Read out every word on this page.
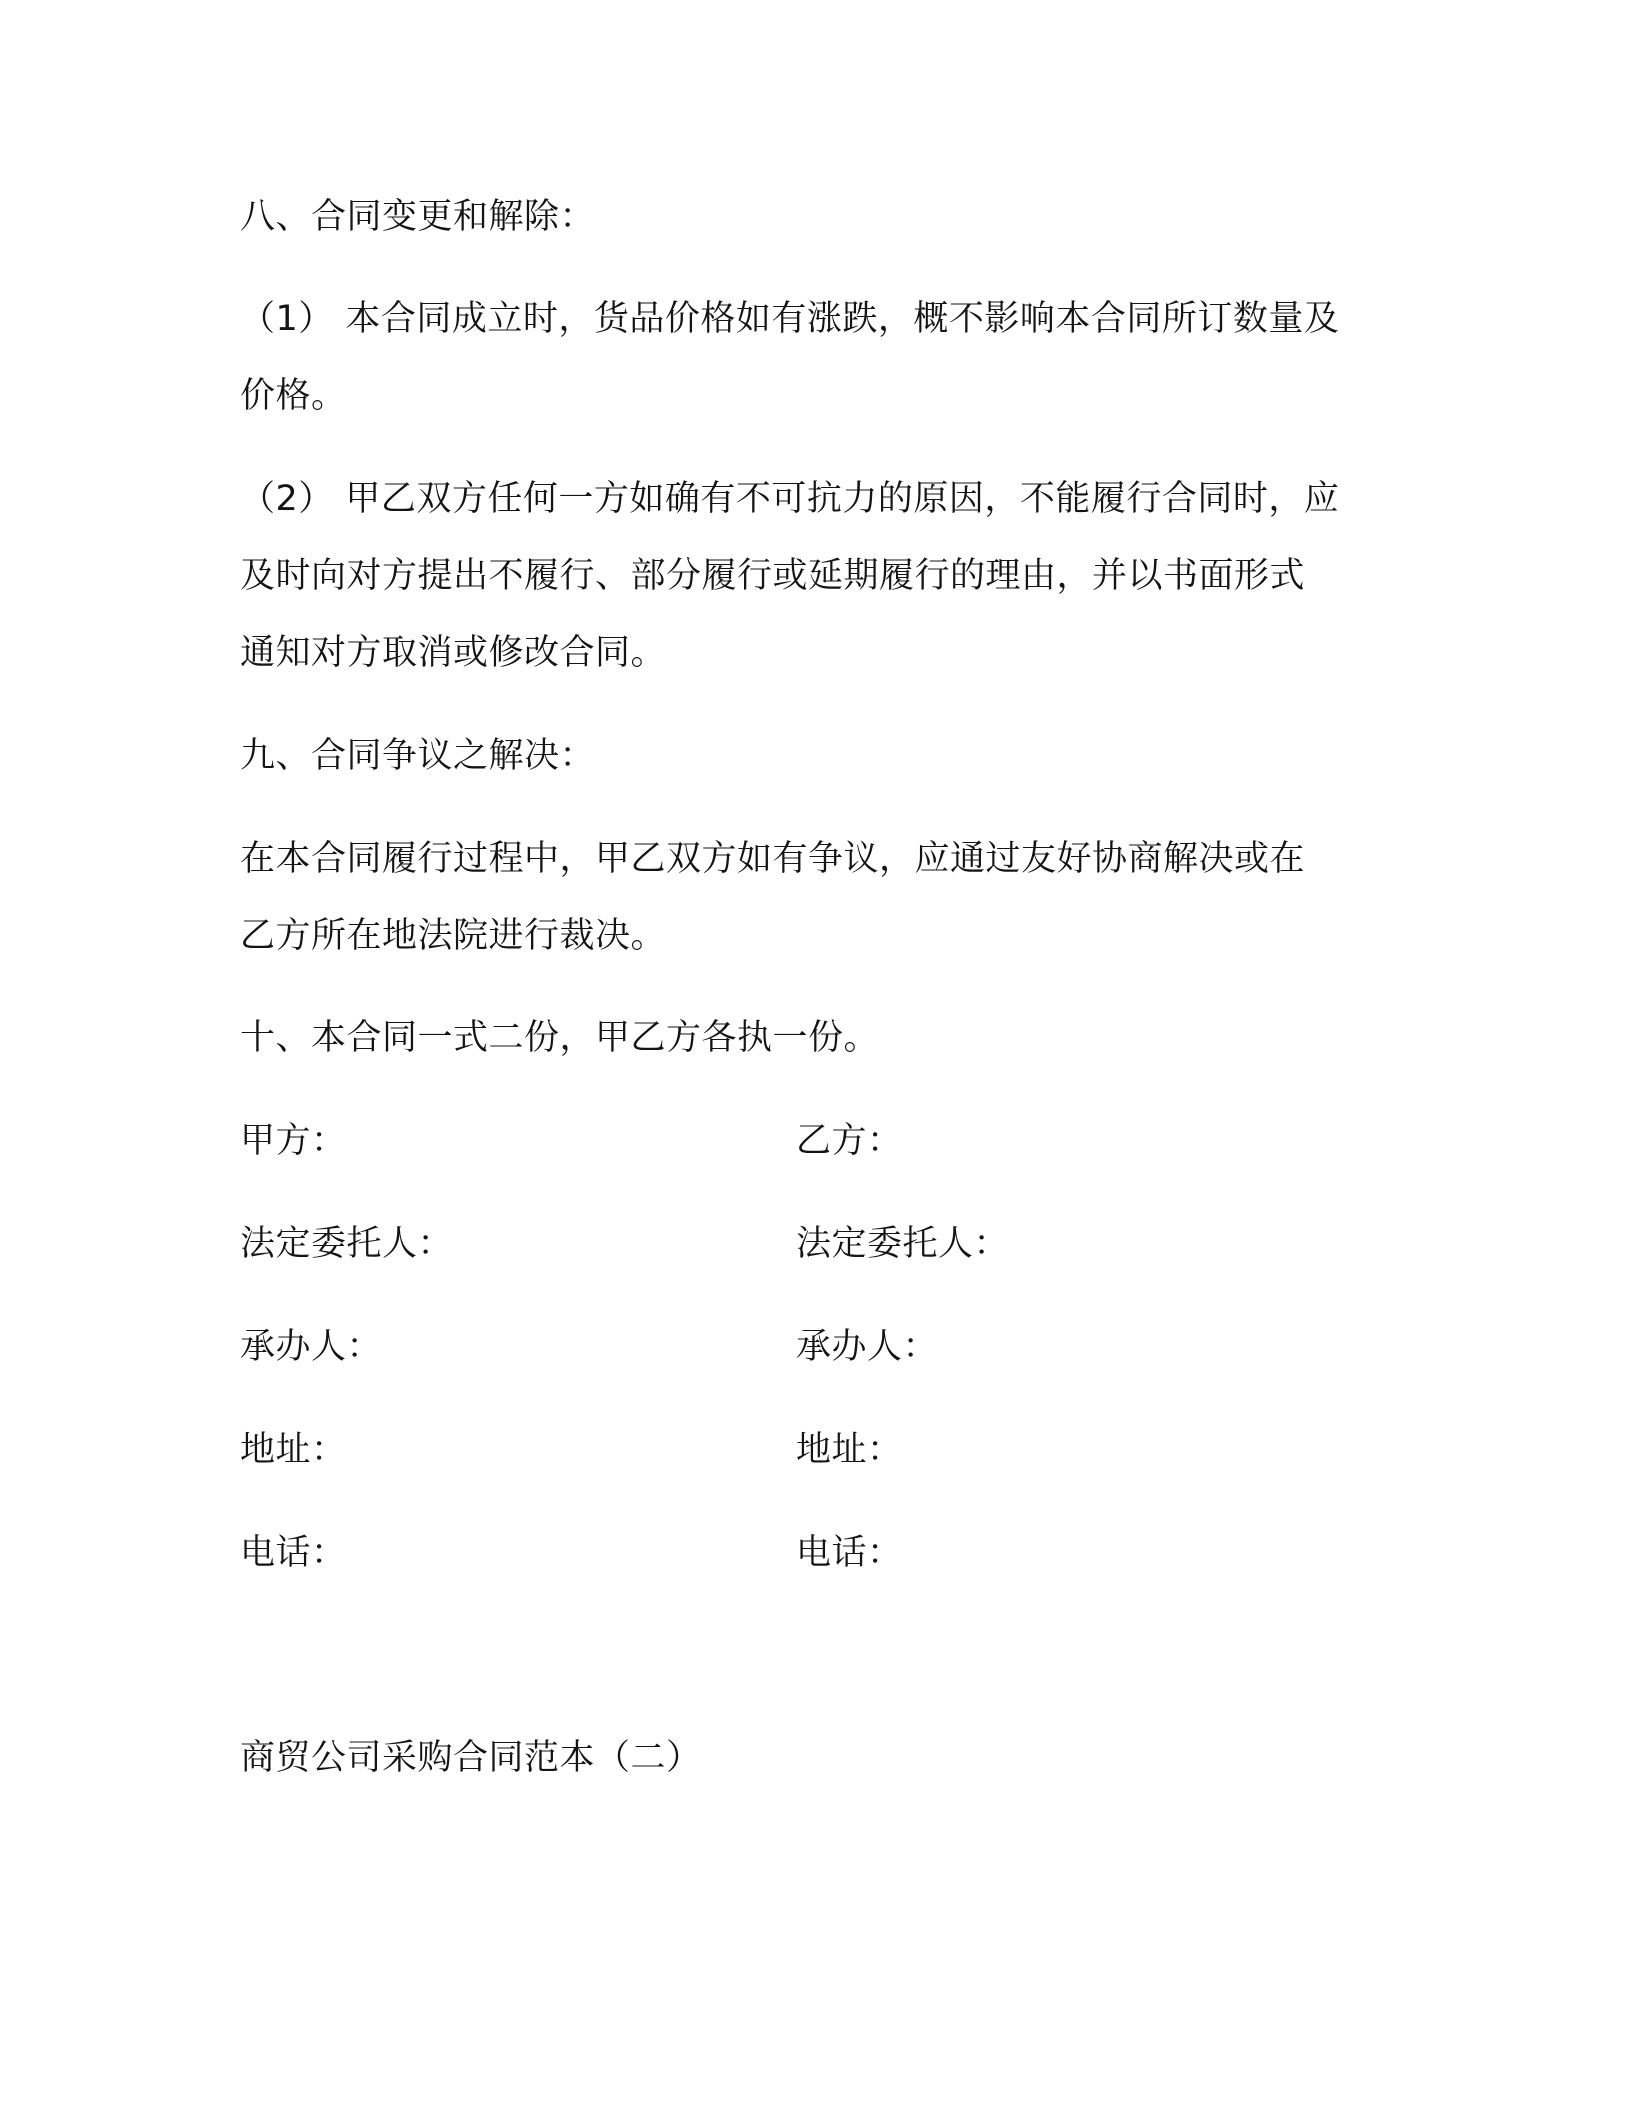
八、合同变更和解除：
（1） 本合同成立时，货品价格如有涨跌，概不影响本合同所订数量及
价格。
（2） 甲乙双方任何一方如确有不可抗力的原因，不能履行合同时，应
及时向对方提出不履行、部分履行或延期履行的理由，并以书面形式
通知对方取消或修改合同。
九、合同争议之解决：
在本合同履行过程中，甲乙双方如有争议，应通过友好协商解决或在
乙方所在地法院进行裁决。
十、本合同一式二份，甲乙方各执一份。
甲方：
法定委托人：
承办人：
地址：
电话：
乙方：
法定委托人：
承办人：
地址：
电话：
商贸公司采购合同范本（二）
